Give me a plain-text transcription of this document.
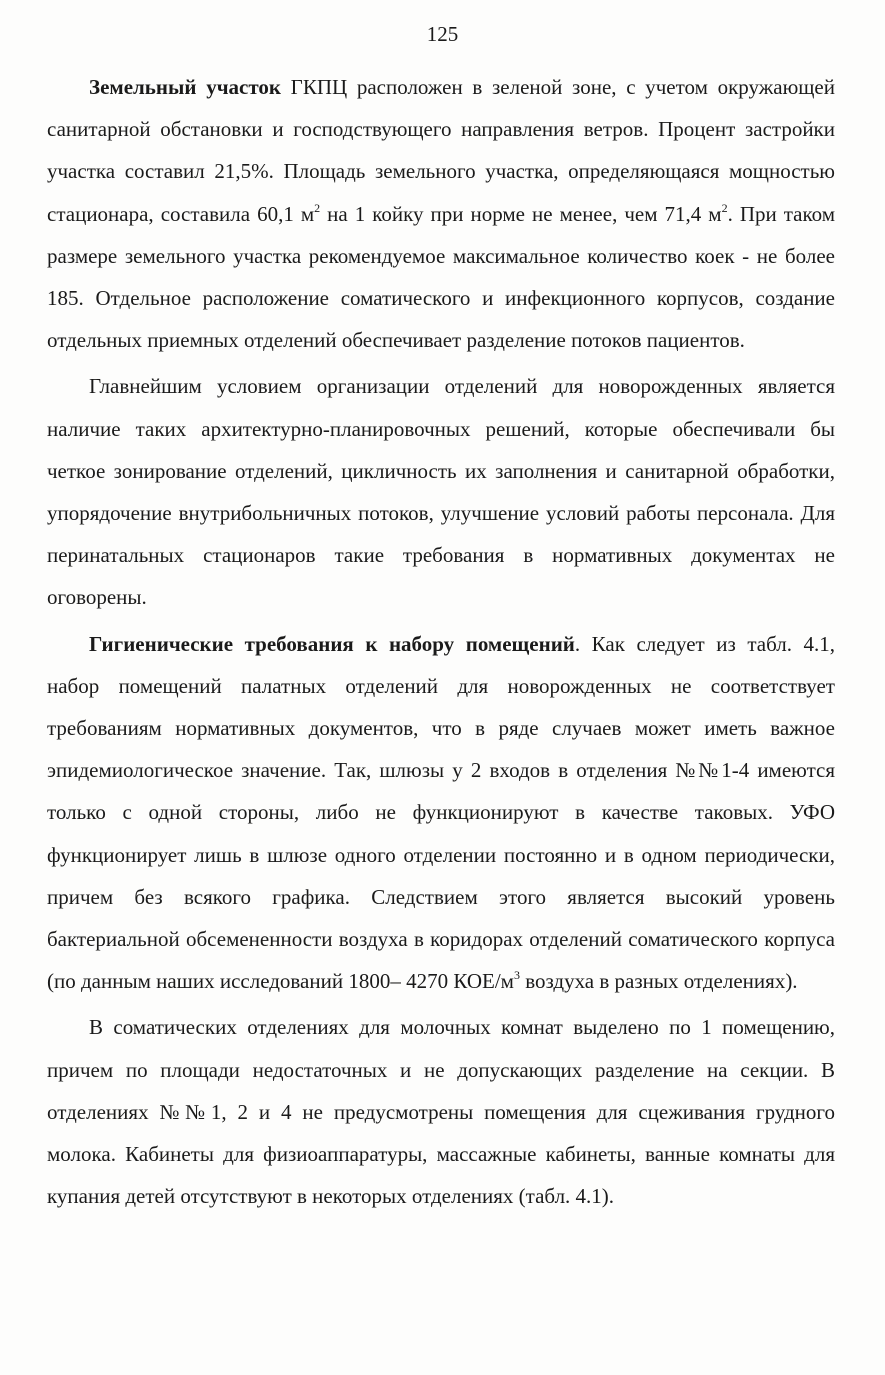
125

Земельный участок ГКПЦ расположен в зеленой зоне, с учетом окружающей санитарной обстановки и господствующего направления ветров. Процент застройки участка составил 21,5%. Площадь земельного участка, определяющаяся мощностью стационара, составила 60,1 $м^2$ на 1 койку при норме не менее, чем 71,4 $м^2$. При таком размере земельного участка рекомендуемое максимальное количество коек - не более 185. Отдельное расположение соматического и инфекционного корпусов, создание отдельных приемных отделений обеспечивает разделение потоков пациентов.

Главнейшим условием организации отделений для новорожденных является наличие таких архитектурно-планировочных решений, которые обеспечивали бы четкое зонирование отделений, цикличность их заполнения и санитарной обработки, упорядочение внутрибольничных потоков, улучшение условий работы персонала. Для перинатальных стационаров такие требования в нормативных документах не оговорены.

Гигиенические требования к набору помещений. Как следует из табл. 4.1, набор помещений палатных отделений для новорожденных не соответствует требованиям нормативных документов, что в ряде случаев может иметь важное эпидемиологическое значение. Так, шлюзы у 2 входов в отделения №№1-4 имеются только с одной стороны, либо не функционируют в качестве таковых. УФО функционирует лишь в шлюзе одного отделении постоянно и в одном периодически, причем без всякого графика. Следствием этого является высокий уровень бактериальной обсемененности воздуха в коридорах отделений соматического корпуса (по данным наших исследований 1800– 4270 КОЕ/$м^3$ воздуха в разных отделениях).

В соматических отделениях для молочных комнат выделено по 1 помещению, причем по площади недостаточных и не допускающих разделение на секции. В отделениях №№1, 2 и 4 не предусмотрены помещения для сцеживания грудного молока. Кабинеты для физиоаппаратуры, массажные кабинеты, ванные комнаты для купания детей отсутствуют в некоторых отделениях (табл. 4.1).
